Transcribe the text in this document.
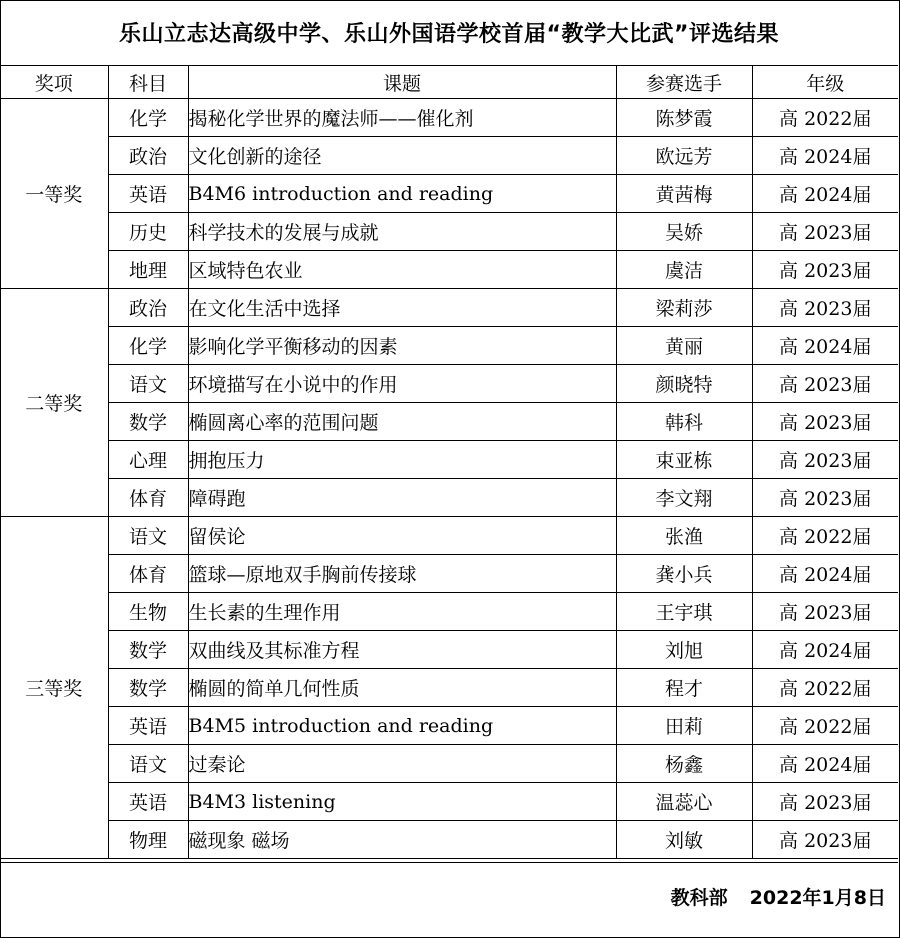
乐山立志达高级中学、乐山外国语学校首届“教学大比武”评选结果
奖项	科目	课题	参赛选手	年级
一等奖	化学	揭秘化学世界的魔法师——催化剂	陈梦霞	高 2022届
	政治	文化创新的途径	欧远芳	高 2024届
	英语	B4M6 introduction and reading	黄茜梅	高 2024届
	历史	科学技术的发展与成就	吴娇	高 2023届
	地理	区域特色农业	虞洁	高 2023届
二等奖	政治	在文化生活中选择	梁莉莎	高 2023届
	化学	影响化学平衡移动的因素	黄丽	高 2024届
	语文	环境描写在小说中的作用	颜晓特	高 2023届
	数学	椭圆离心率的范围问题	韩科	高 2023届
	心理	拥抱压力	束亚栋	高 2023届
	体育	障碍跑	李文翔	高 2023届
三等奖	语文	留侯论	张渔	高 2022届
	体育	篮球—原地双手胸前传接球	龚小兵	高 2024届
	生物	生长素的生理作用	王宇琪	高 2023届
	数学	双曲线及其标准方程	刘旭	高 2024届
	数学	椭圆的简单几何性质	程才	高 2022届
	英语	B4M5 introduction and reading	田莉	高 2022届
	语文	过秦论	杨鑫	高 2024届
	英语	B4M3 listening	温蕊心	高 2023届
	物理	磁现象 磁场	刘敏	高 2023届
教科部 2022年1月8日
